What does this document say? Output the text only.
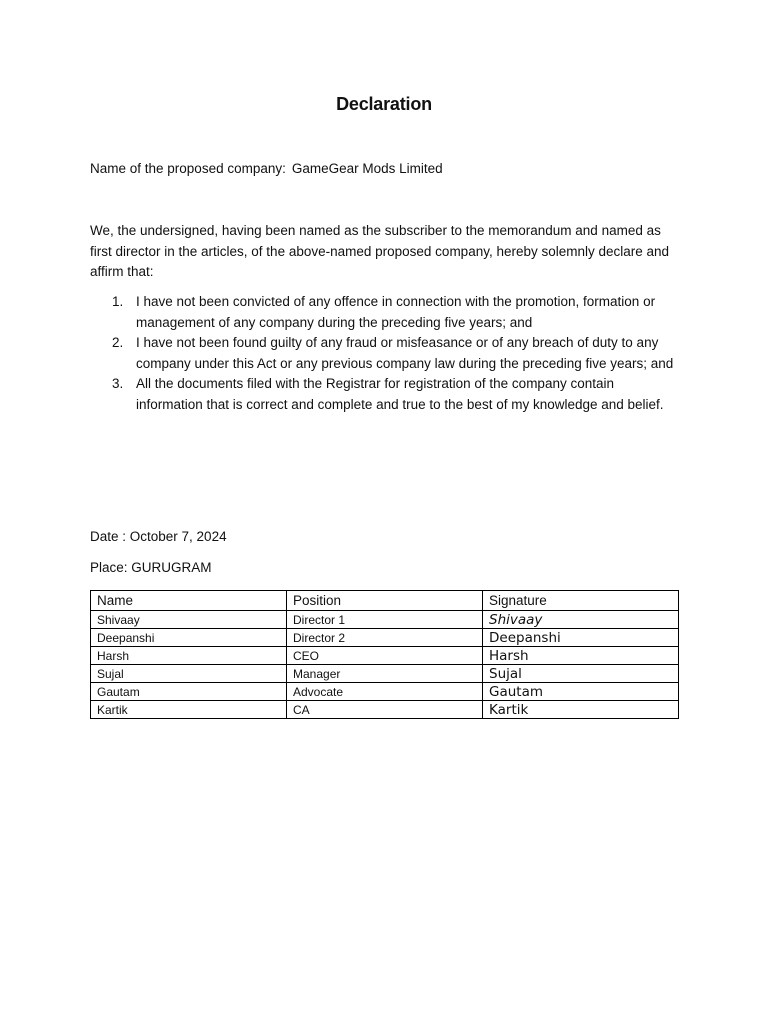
Declaration
Name of the proposed company: GameGear Mods Limited

We, the undersigned, having been named as the subscriber to the memorandum and named as first director in the articles, of the above-named proposed company, hereby solemnly declare and affirm that:

1. I have not been convicted of any offence in connection with the promotion, formation or management of any company during the preceding five years; and
2. I have not been found guilty of any fraud or misfeasance or of any breach of duty to any company under this Act or any previous company law during the preceding five years; and
3. All the documents filed with the Registrar for registration of the company contain information that is correct and complete and true to the best of my knowledge and belief.
Date : October 7, 2024
Place: GURUGRAM
Name	Position	Signature
Shivaay	Director 1	Shivaay
Deepanshi	Director 2	Deepanshi
Harsh	CEO	Harsh
Sujal	Manager	Sujal
Gautam	Advocate	Gautam
Kartik	CA	Kartik
